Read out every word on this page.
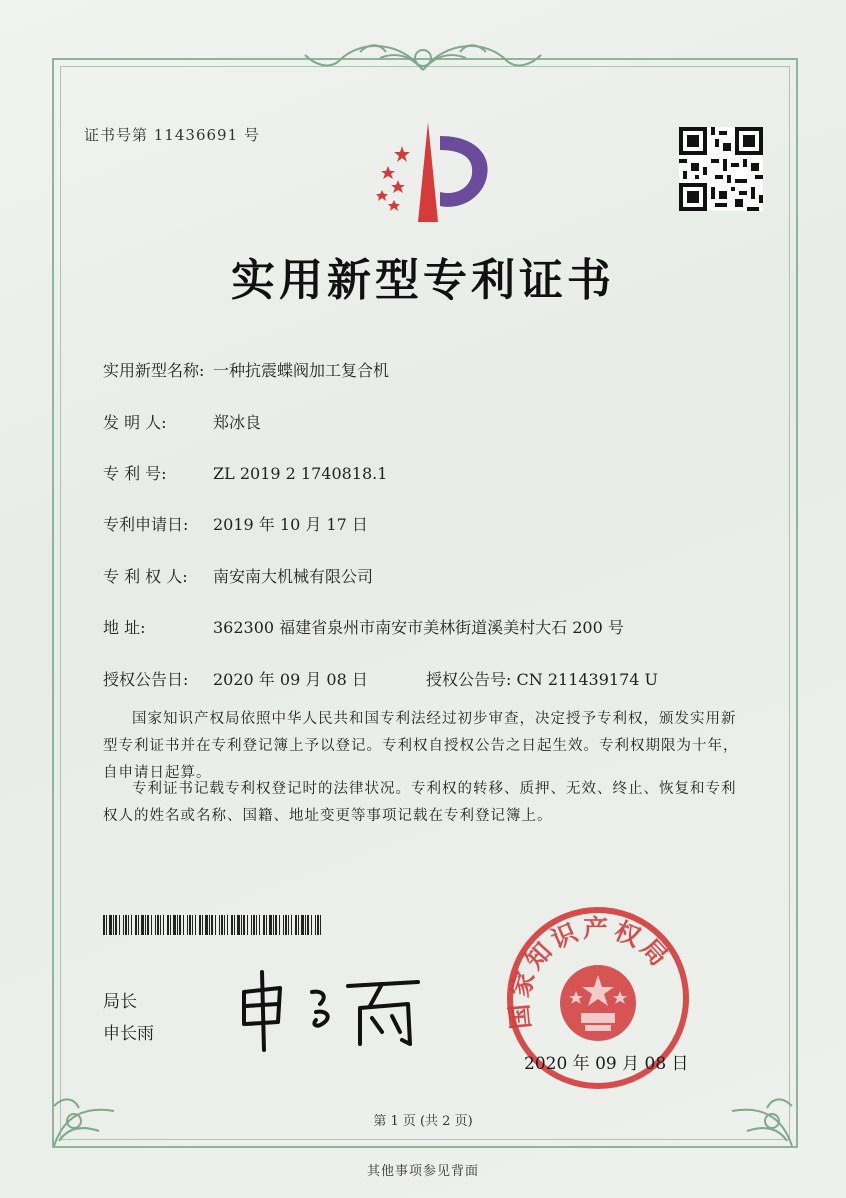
证书号第 11436691 号
实用新型专利证书
实用新型名称: 一种抗震蝶阀加工复合机
发 明 人:	郑冰良
专 利 号:	ZL 2019 2 1740818.1
专利申请日: 2019 年 10 月 17 日
专 利 权 人: 南安南大机械有限公司
地 址:	362300 福建省泉州市南安市美林街道溪美村大石 200 号
授权公告日: 2020 年 09 月 08 日	授权公告号: CN 211439174 U
国家知识产权局依照中华人民共和国专利法经过初步审查，决定授予专利权，颁发实用新型专利证书并在专利登记簿上予以登记。专利权自授权公告之日起生效。专利权期限为十年，自申请日起算。
专利证书记载专利权登记时的法律状况。专利权的转移、质押、无效、终止、恢复和专利权人的姓名或名称、国籍、地址变更等事项记载在专利登记簿上。
局长
申长雨
国家知识产权局
2020 年 09 月 08 日
第 1 页 (共 2 页)
其他事项参见背面
